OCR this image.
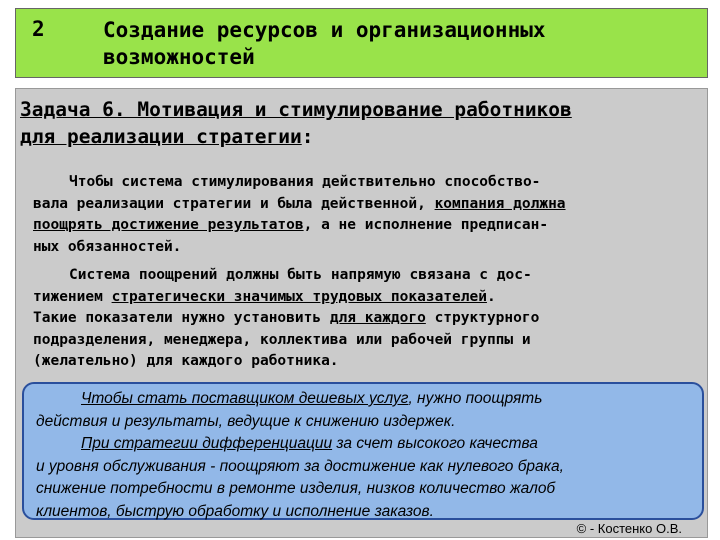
2	Создание ресурсов и организационных
возможностей
Задача 6. Мотивация и стимулирование работников
для реализации стратегии:
Чтобы система стимулирования действительно способство-
вала реализации стратегии и была действенной, компания должна
поощрять достижение результатов, а не исполнение предписан-
ных обязанностей.
Система поощрений должны быть напрямую связана с дос-
тижением стратегически значимых трудовых показателей.
Такие показатели нужно установить для каждого структурного
подразделения, менеджера, коллектива или рабочей группы и
(желательно) для каждого работника.
Чтобы стать поставщиком дешевых услуг, нужно поощрять
действия и результаты, ведущие к снижению издержек.
При стратегии дифференциации за счет высокого качества
и уровня обслуживания - поощряют за достижение как нулевого брака,
снижение потребности в ремонте изделия, низков количество жалоб
клиентов, быструю обработку и исполнение заказов.
© - Костенко О.В.
